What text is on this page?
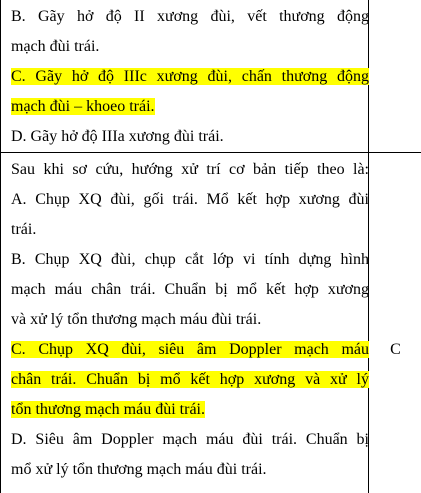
B. Gãy hở độ II xương đùi, vết thương động
mạch đùi trái.
C. Gãy hở độ IIIc xương đùi, chấn thương động
mạch đùi – khoeo trái.
D. Gãy hở độ IIIa xương đùi trái.
Sau khi sơ cứu, hướng xử trí cơ bản tiếp theo là:
A. Chụp XQ đùi, gối trái. Mổ kết hợp xương đùi
trái.
B. Chụp XQ đùi, chụp cắt lớp vi tính dựng hình
mạch máu chân trái. Chuẩn bị mổ kết hợp xương
và xử lý tổn thương mạch máu đùi trái.
C. Chụp XQ đùi, siêu âm Doppler mạch máu
chân trái. Chuẩn bị mổ kết hợp xương và xử lý
tổn thương mạch máu đùi trái.
D. Siêu âm Doppler mạch máu đùi trái. Chuẩn bị
mổ xử lý tổn thương mạch máu đùi trái.
C
